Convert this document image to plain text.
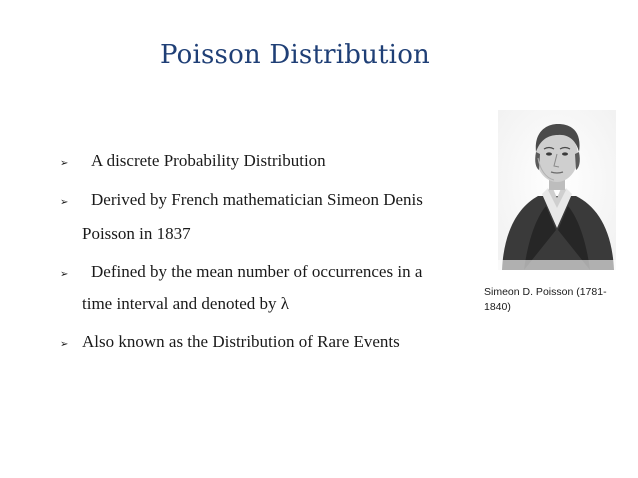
Poisson Distribution
➢ A discrete Probability Distribution
➢ Derived by French mathematician Simeon Denis
Poisson in 1837
➢ Defined by the mean number of occurrences in a
time interval and denoted by λ
➢ Also known as the Distribution of Rare Events
Simeon D. Poisson (1781-1840)
